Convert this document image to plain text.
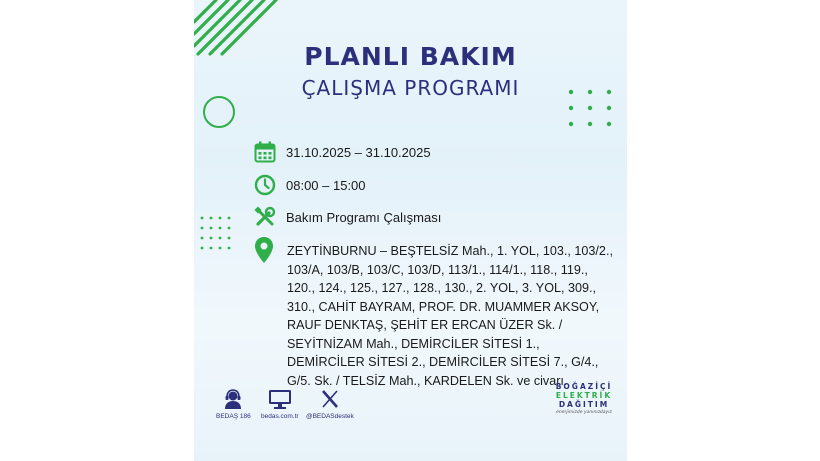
PLANLI BAKIM
ÇALIŞMA PROGRAMI
31.10.2025 – 31.10.2025
08:00 – 15:00
Bakım Programı Çalışması
ZEYTİNBURNU – BEŞTELSİZ Mah., 1. YOL, 103., 103/2., 103/A, 103/B, 103/C, 103/D, 113/1., 114/1., 118., 119., 120., 124., 125., 127., 128., 130., 2. YOL, 3. YOL, 309., 310., CAHİT BAYRAM, PROF. DR. MUAMMER AKSOY, RAUF DENKTAŞ, ŞEHİT ER ERCAN ÜZER Sk. / SEYİTNİZAM Mah., DEMİRCİLER SİTESİ 1., DEMİRCİLER SİTESİ 2., DEMİRCİLER SİTESİ 7., G/4., G/5. Sk. / TELSİZ Mah., KARDELEN Sk. ve civarı.
BEDAŞ 186 bedas.com.tr @BEDASdestek
BOĞAZİÇİ
ELEKTRİK
DAĞITIM
enerjimizde yanınızdayız
